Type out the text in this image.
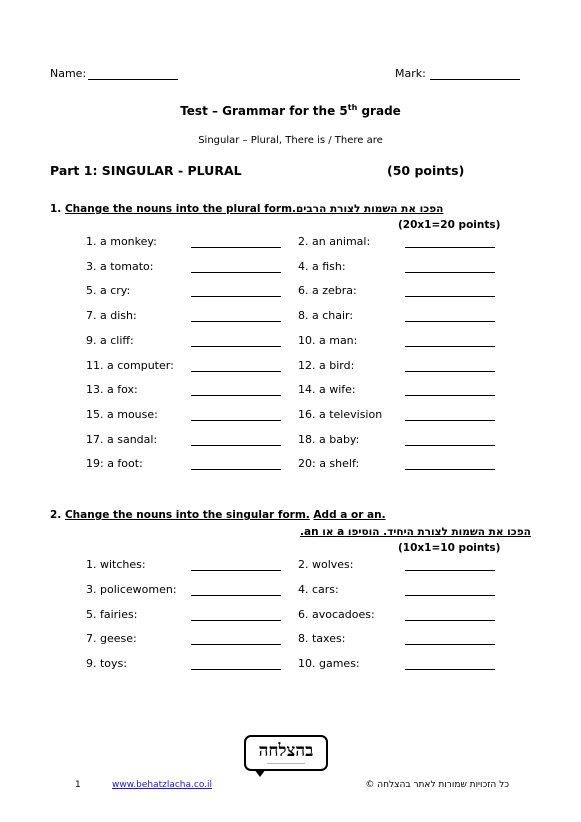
Name:	Mark:
Test – Grammar for the 5th grade
Singular – Plural, There is / There are
Part 1: SINGULAR - PLURAL	(50 points)
1. Change the nouns into the plural form. הפכו את השמות לצורת הרבים
(20x1=20 points)
1. a monkey:	2. an animal:
3. a tomato:	4. a fish:
5. a cry:	6. a zebra:
7. a dish:	8. a chair:
9. a cliff:	10. a man:
11. a computer:	12. a bird:
13. a fox:	14. a wife:
15. a mouse:	16. a television
17. a sandal:	18. a baby:
19: a foot:	20: a shelf:
2. Change the nouns into the singular form. Add a or an.
הפכו את השמות לצורת היחיד. הוסיפו a או an.
(10x1=10 points)
1. witches:	2. wolves:
3. policewomen:	4. cars:
5. fairies:	6. avocadoes:
7. geese:	8. taxes:
9. toys:	10. games:
בהצלחה
ــــــــــــــــــــــــــــــــ
1	www.behatzlacha.co.il	כל הזכויות שמורות לאתר בהצלחה ©
